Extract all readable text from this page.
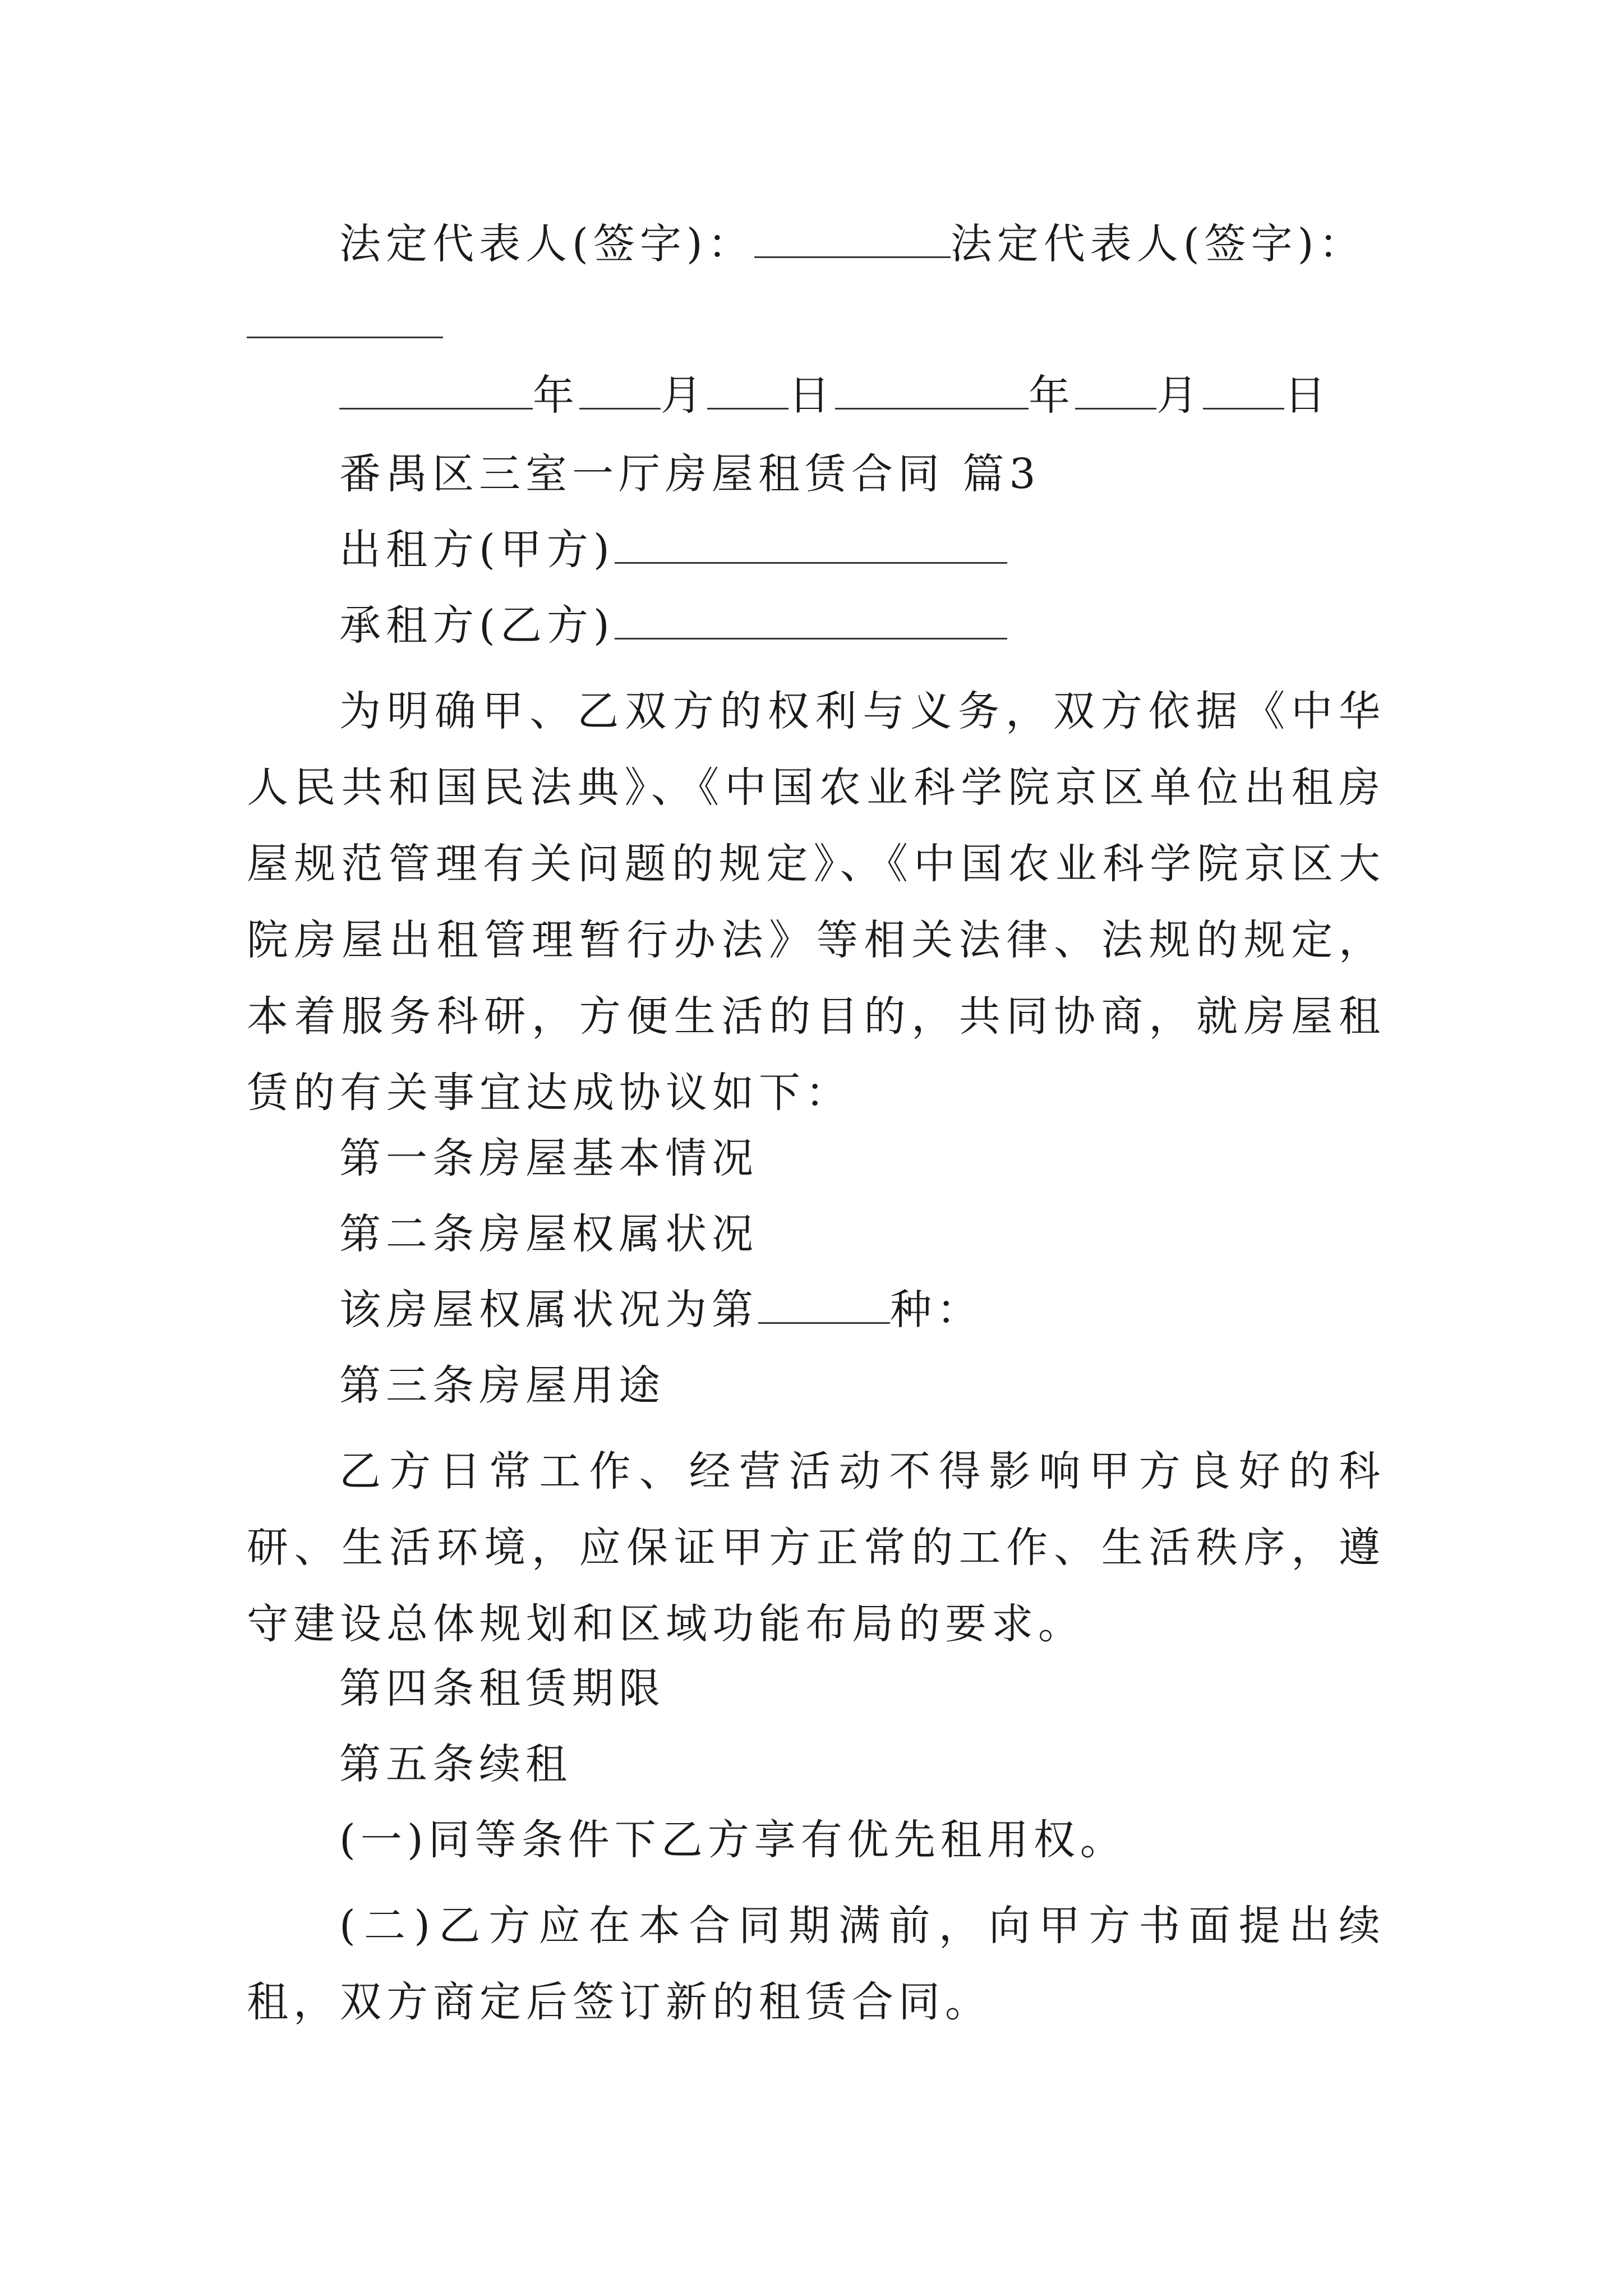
法定代表人(签字)：	法定代表人(签字)：
年 月 日	年 月 日
番禺区三室一厅房屋租赁合同 篇3
出租方(甲方)
承租方(乙方)
为明确甲、乙双方的权利与义务，双方依据《中华人民共和国民法典》、《中国农业科学院京区单位出租房屋规范管理有关问题的规定》、《中国农业科学院京区大院房屋出租管理暂行办法》等相关法律、法规的规定，本着服务科研，方便生活的目的，共同协商，就房屋租赁的有关事宜达成协议如下：
第一条房屋基本情况
第二条房屋权属状况
该房屋权属状况为第	种：
第三条房屋用途
乙方日常工作、经营活动不得影响甲方良好的科研、生活环境，应保证甲方正常的工作、生活秩序，遵守建设总体规划和区域功能布局的要求。
第四条租赁期限
第五条续租
(一)同等条件下乙方享有优先租用权。
(二)乙方应在本合同期满前，向甲方书面提出续租，双方商定后签订新的租赁合同。
